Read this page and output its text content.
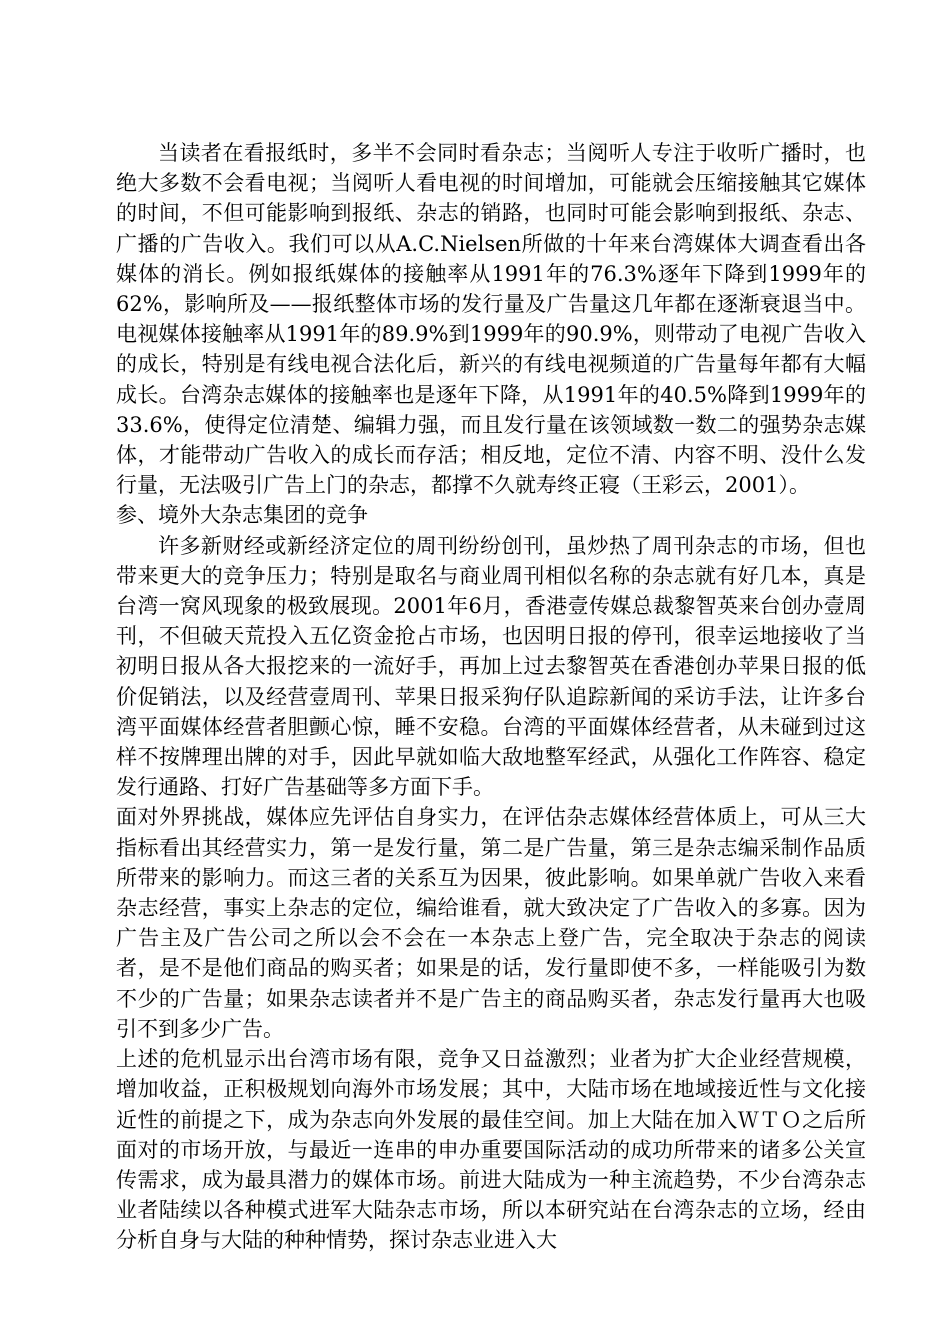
当读者在看报纸时，多半不会同时看杂志；当阅听人专注于收听广播时，也绝大多数不会看电视；当阅听人看电视的时间增加，可能就会压缩接触其它媒体的时间，不但可能影响到报纸、杂志的销路，也同时可能会影响到报纸、杂志、广播的广告收入。我们可以从A.C.Nielsen所做的十年来台湾媒体大调查看出各媒体的消长。例如报纸媒体的接触率从1991年的76.3%逐年下降到1999年的62%，影响所及——报纸整体市场的发行量及广告量这几年都在逐渐衰退当中。电视媒体接触率从1991年的89.9%到1999年的90.9%，则带动了电视广告收入的成长，特别是有线电视合法化后，新兴的有线电视频道的广告量每年都有大幅成长。台湾杂志媒体的接触率也是逐年下降，从1991年的40.5%降到1999年的33.6%，使得定位清楚、编辑力强，而且发行量在该领域数一数二的强势杂志媒体，才能带动广告收入的成长而存活；相反地，定位不清、内容不明、没什么发行量，无法吸引广告上门的杂志，都撑不久就寿终正寝（王彩云，2001）。

参、境外大杂志集团的竞争

许多新财经或新经济定位的周刊纷纷创刊，虽炒热了周刊杂志的市场，但也带来更大的竞争压力；特别是取名与商业周刊相似名称的杂志就有好几本，真是台湾一窝风现象的极致展现。2001年6月，香港壹传媒总裁黎智英来台创办壹周刊，不但破天荒投入五亿资金抢占市场，也因明日报的停刊，很幸运地接收了当初明日报从各大报挖来的一流好手，再加上过去黎智英在香港创办苹果日报的低价促销法，以及经营壹周刊、苹果日报采狗仔队追踪新闻的采访手法，让许多台湾平面媒体经营者胆颤心惊，睡不安稳。台湾的平面媒体经营者，从未碰到过这样不按牌理出牌的对手，因此早就如临大敌地整军经武，从强化工作阵容、稳定发行通路、打好广告基础等多方面下手。

面对外界挑战，媒体应先评估自身实力，在评估杂志媒体经营体质上，可从三大指标看出其经营实力，第一是发行量，第二是广告量，第三是杂志编采制作品质所带来的影响力。而这三者的关系互为因果，彼此影响。如果单就广告收入来看杂志经营，事实上杂志的定位，编给谁看，就大致决定了广告收入的多寡。因为广告主及广告公司之所以会不会在一本杂志上登广告，完全取决于杂志的阅读者，是不是他们商品的购买者；如果是的话，发行量即使不多，一样能吸引为数不少的广告量；如果杂志读者并不是广告主的商品购买者，杂志发行量再大也吸引不到多少广告。

上述的危机显示出台湾市场有限，竞争又日益激烈；业者为扩大企业经营规模，增加收益，正积极规划向海外市场发展；其中，大陆市场在地域接近性与文化接近性的前提之下，成为杂志向外发展的最佳空间。加上大陆在加入ＷＴＯ之后所面对的市场开放，与最近一连串的申办重要国际活动的成功所带来的诸多公关宣传需求，成为最具潜力的媒体市场。前进大陆成为一种主流趋势，不少台湾杂志业者陆续以各种模式进军大陆杂志市场，所以本研究站在台湾杂志的立场，经由分析自身与大陆的种种情势，探讨杂志业进入大
